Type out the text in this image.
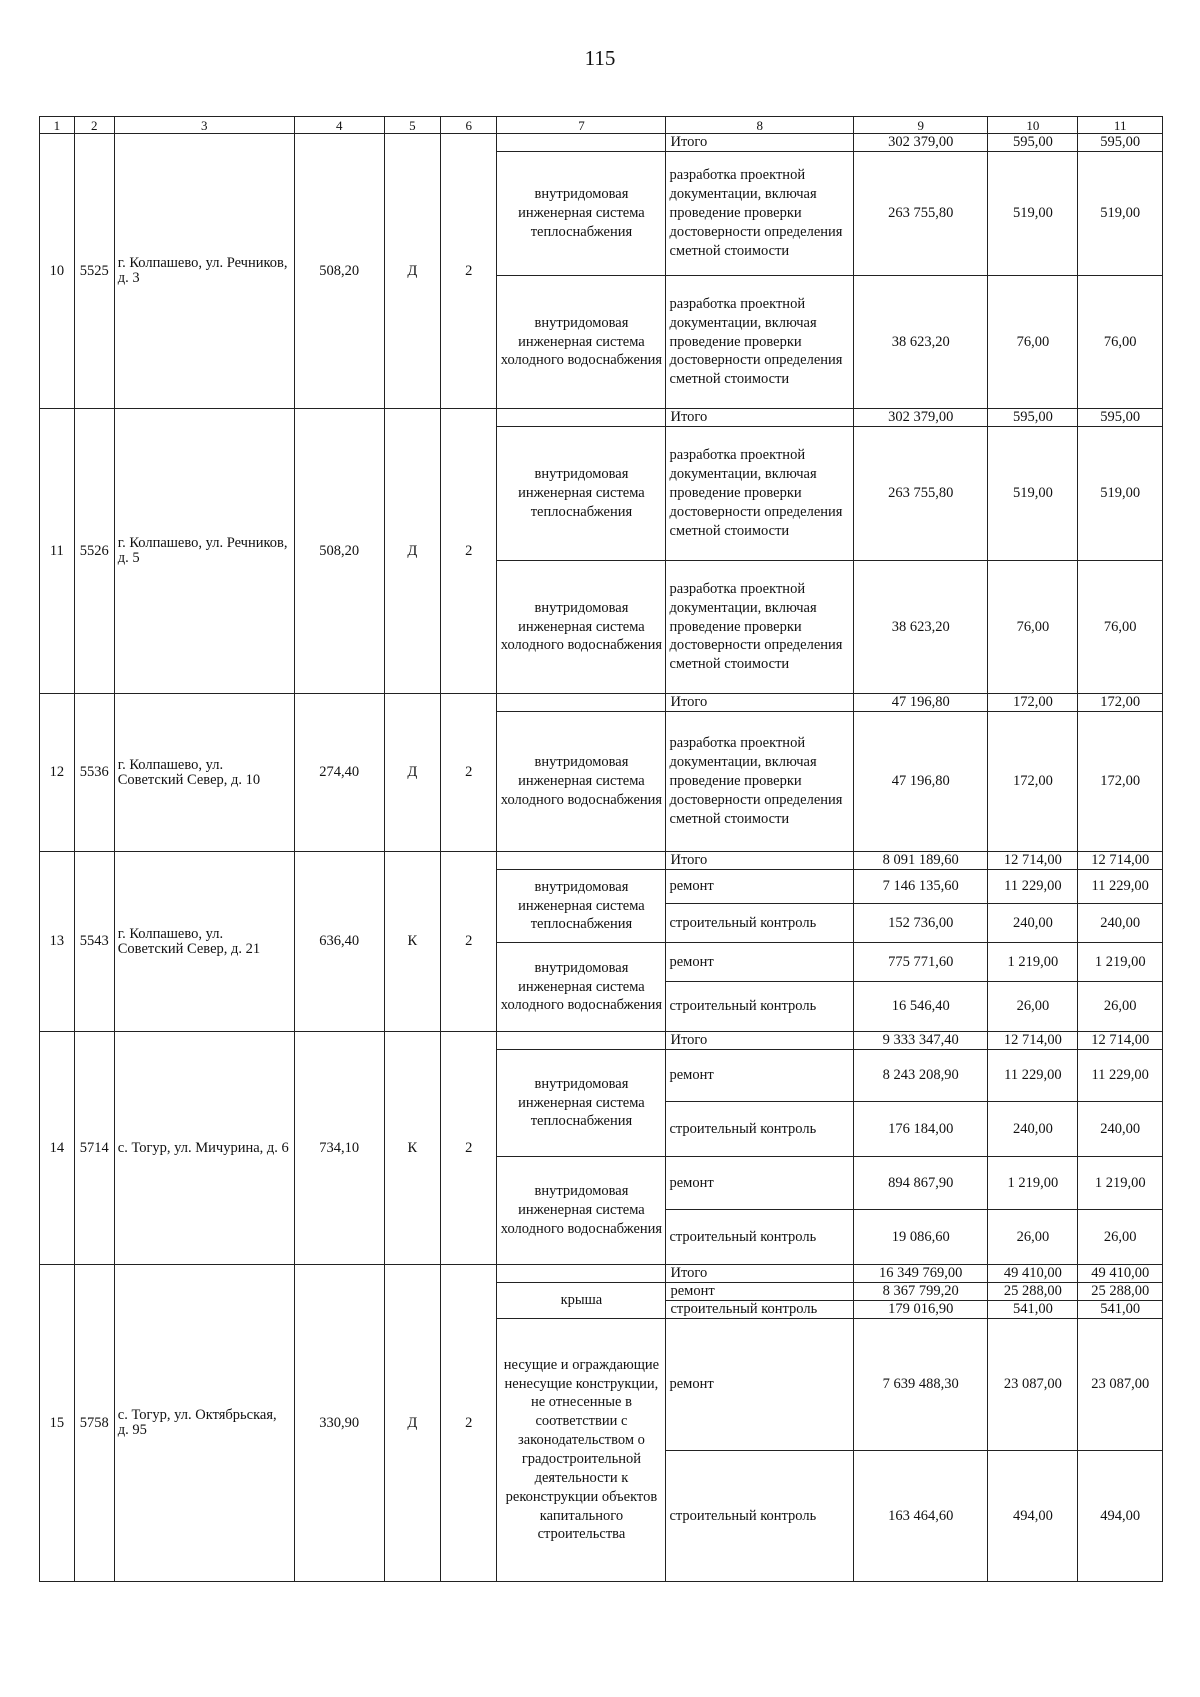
115
1	2	3	4	5	6	7	8	9	10	11
10	5525	г. Колпашево, ул. Речников, д. 3	508,20	Д	2		Итого	302 379,00	595,00	595,00
						внутридомовая инженерная система теплоснабжения	разработка проектной документации, включая проведение проверки достоверности определения сметной стоимости	263 755,80	519,00	519,00
						внутридомовая инженерная система холодного водоснабжения	разработка проектной документации, включая проведение проверки достоверности определения сметной стоимости	38 623,20	76,00	76,00
11	5526	г. Колпашево, ул. Речников, д. 5	508,20	Д	2		Итого	302 379,00	595,00	595,00
						внутридомовая инженерная система теплоснабжения	разработка проектной документации, включая проведение проверки достоверности определения сметной стоимости	263 755,80	519,00	519,00
						внутридомовая инженерная система холодного водоснабжения	разработка проектной документации, включая проведение проверки достоверности определения сметной стоимости	38 623,20	76,00	76,00
12	5536	г. Колпашево, ул. Советский Север, д. 10	274,40	Д	2		Итого	47 196,80	172,00	172,00
						внутридомовая инженерная система холодного водоснабжения	разработка проектной документации, включая проведение проверки достоверности определения сметной стоимости	47 196,80	172,00	172,00
13	5543	г. Колпашево, ул. Советский Север, д. 21	636,40	К	2		Итого	8 091 189,60	12 714,00	12 714,00
						внутридомовая инженерная система теплоснабжения	ремонт	7 146 135,60	11 229,00	11 229,00
							строительный контроль	152 736,00	240,00	240,00
						внутридомовая инженерная система холодного водоснабжения	ремонт	775 771,60	1 219,00	1 219,00
							строительный контроль	16 546,40	26,00	26,00
14	5714	с. Тогур, ул. Мичурина, д. 6	734,10	К	2		Итого	9 333 347,40	12 714,00	12 714,00
						внутридомовая инженерная система теплоснабжения	ремонт	8 243 208,90	11 229,00	11 229,00
							строительный контроль	176 184,00	240,00	240,00
						внутридомовая инженерная система холодного водоснабжения	ремонт	894 867,90	1 219,00	1 219,00
							строительный контроль	19 086,60	26,00	26,00
15	5758	с. Тогур, ул. Октябрьская, д. 95	330,90	Д	2		Итого	16 349 769,00	49 410,00	49 410,00
						крыша	ремонт	8 367 799,20	25 288,00	25 288,00
							строительный контроль	179 016,90	541,00	541,00
						несущие и ограждающие ненесущие конструкции, не отнесенные в соответствии с законодательством о градостроительной деятельности к реконструкции объектов капитального строительства	ремонт	7 639 488,30	23 087,00	23 087,00
							строительный контроль	163 464,60	494,00	494,00
